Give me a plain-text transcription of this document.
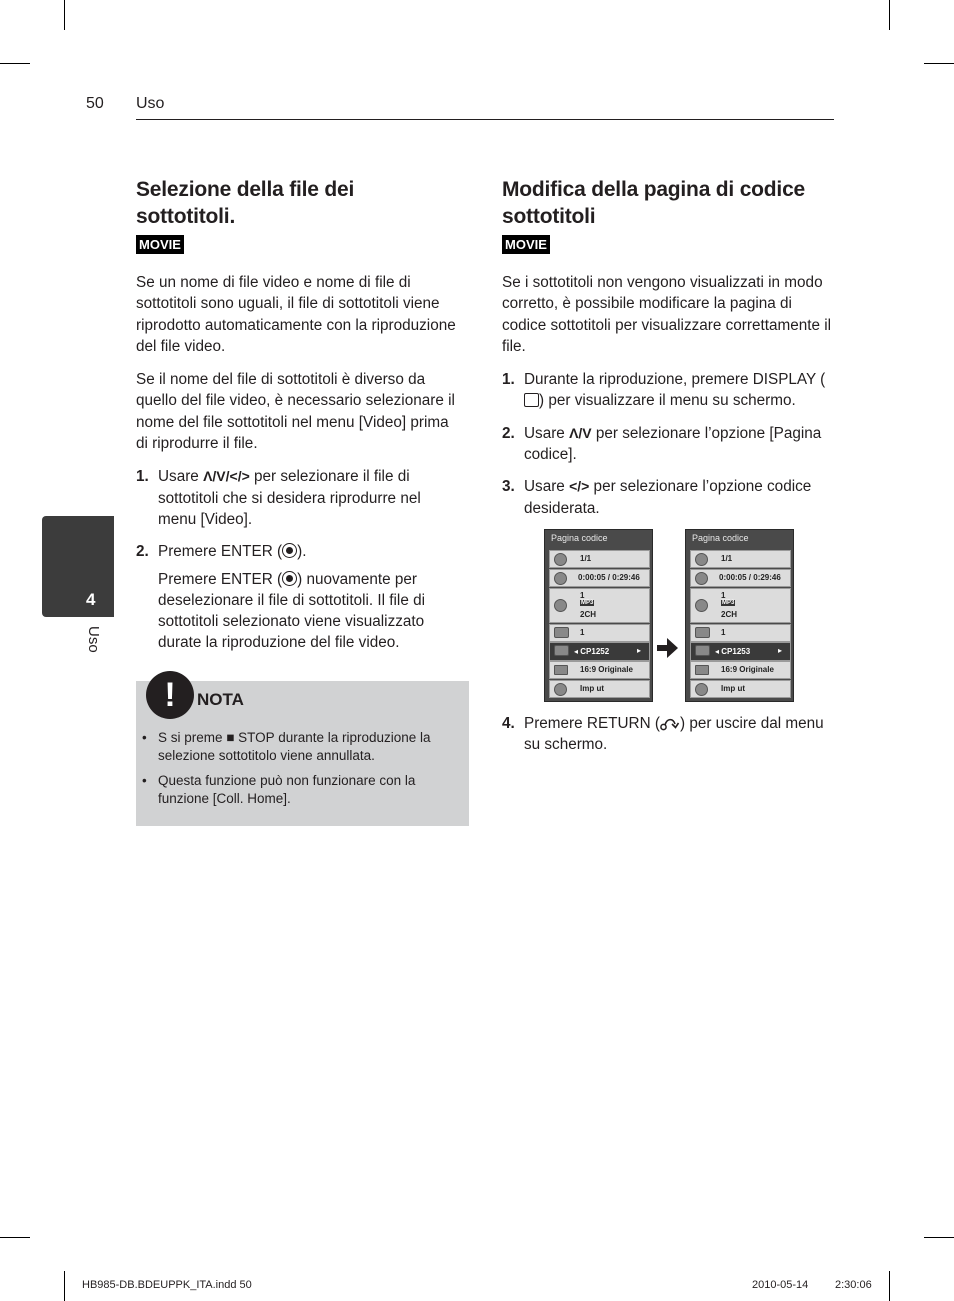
50 Uso
4
Uso
Selezione della file dei sottotitoli.
MOVIE

Se un nome di file video e nome di file di sottotitoli sono uguali, il file di sottotitoli viene riprodotto automaticamente con la riproduzione del file video.

Se il nome del file di sottotitoli è diverso da quello del file video, è necessario selezionare il nome del file sottotitoli nel menu [Video] prima di riprodurre il file.

1. Usare Λ/V/</> per selezionare il file di sottotitoli che si desidera riprodurre nel menu [Video].
2. Premere ENTER ( ).
Premere ENTER ( ) nuovamente per deselezionare il file di sottotitoli. Il file di sottotitoli selezionato viene visualizzato durate la riproduzione del file video.
!	NOTA
• S si preme ■ STOP durante la riproduzione la selezione sottotitolo viene annullata.
• Questa funzione può non funzionare con la funzione [Coll. Home].
Modifica della pagina di codice sottotitoli
MOVIE

Se i sottotitoli non vengono visualizzati in modo corretto, è possibile modificare la pagina di codice sottotitoli per visualizzare correttamente il file.

1. Durante la riproduzione, premere DISPLAY () per visualizzare il menu su schermo.
2. Usare Λ/V per selezionare l’opzione [Pagina codice].
3. Usare </> per selezionare l’opzione codice desiderata.
Pagina codice
1/1
0:00:05 / 0:29:46
1
MP3
2CH
1
◂ CP1252	▸
16:9 Originale
Imp ut
Pagina codice
1/1
0:00:05 / 0:29:46
1
MP3
2CH
1
◂ CP1253	▸
16:9 Originale
Imp ut
4. Premere RETURN ( ) per uscire dal menu su schermo.
HB985-DB.BDEUPPK_ITA.indd 50	2010-05-14 2:30:06
